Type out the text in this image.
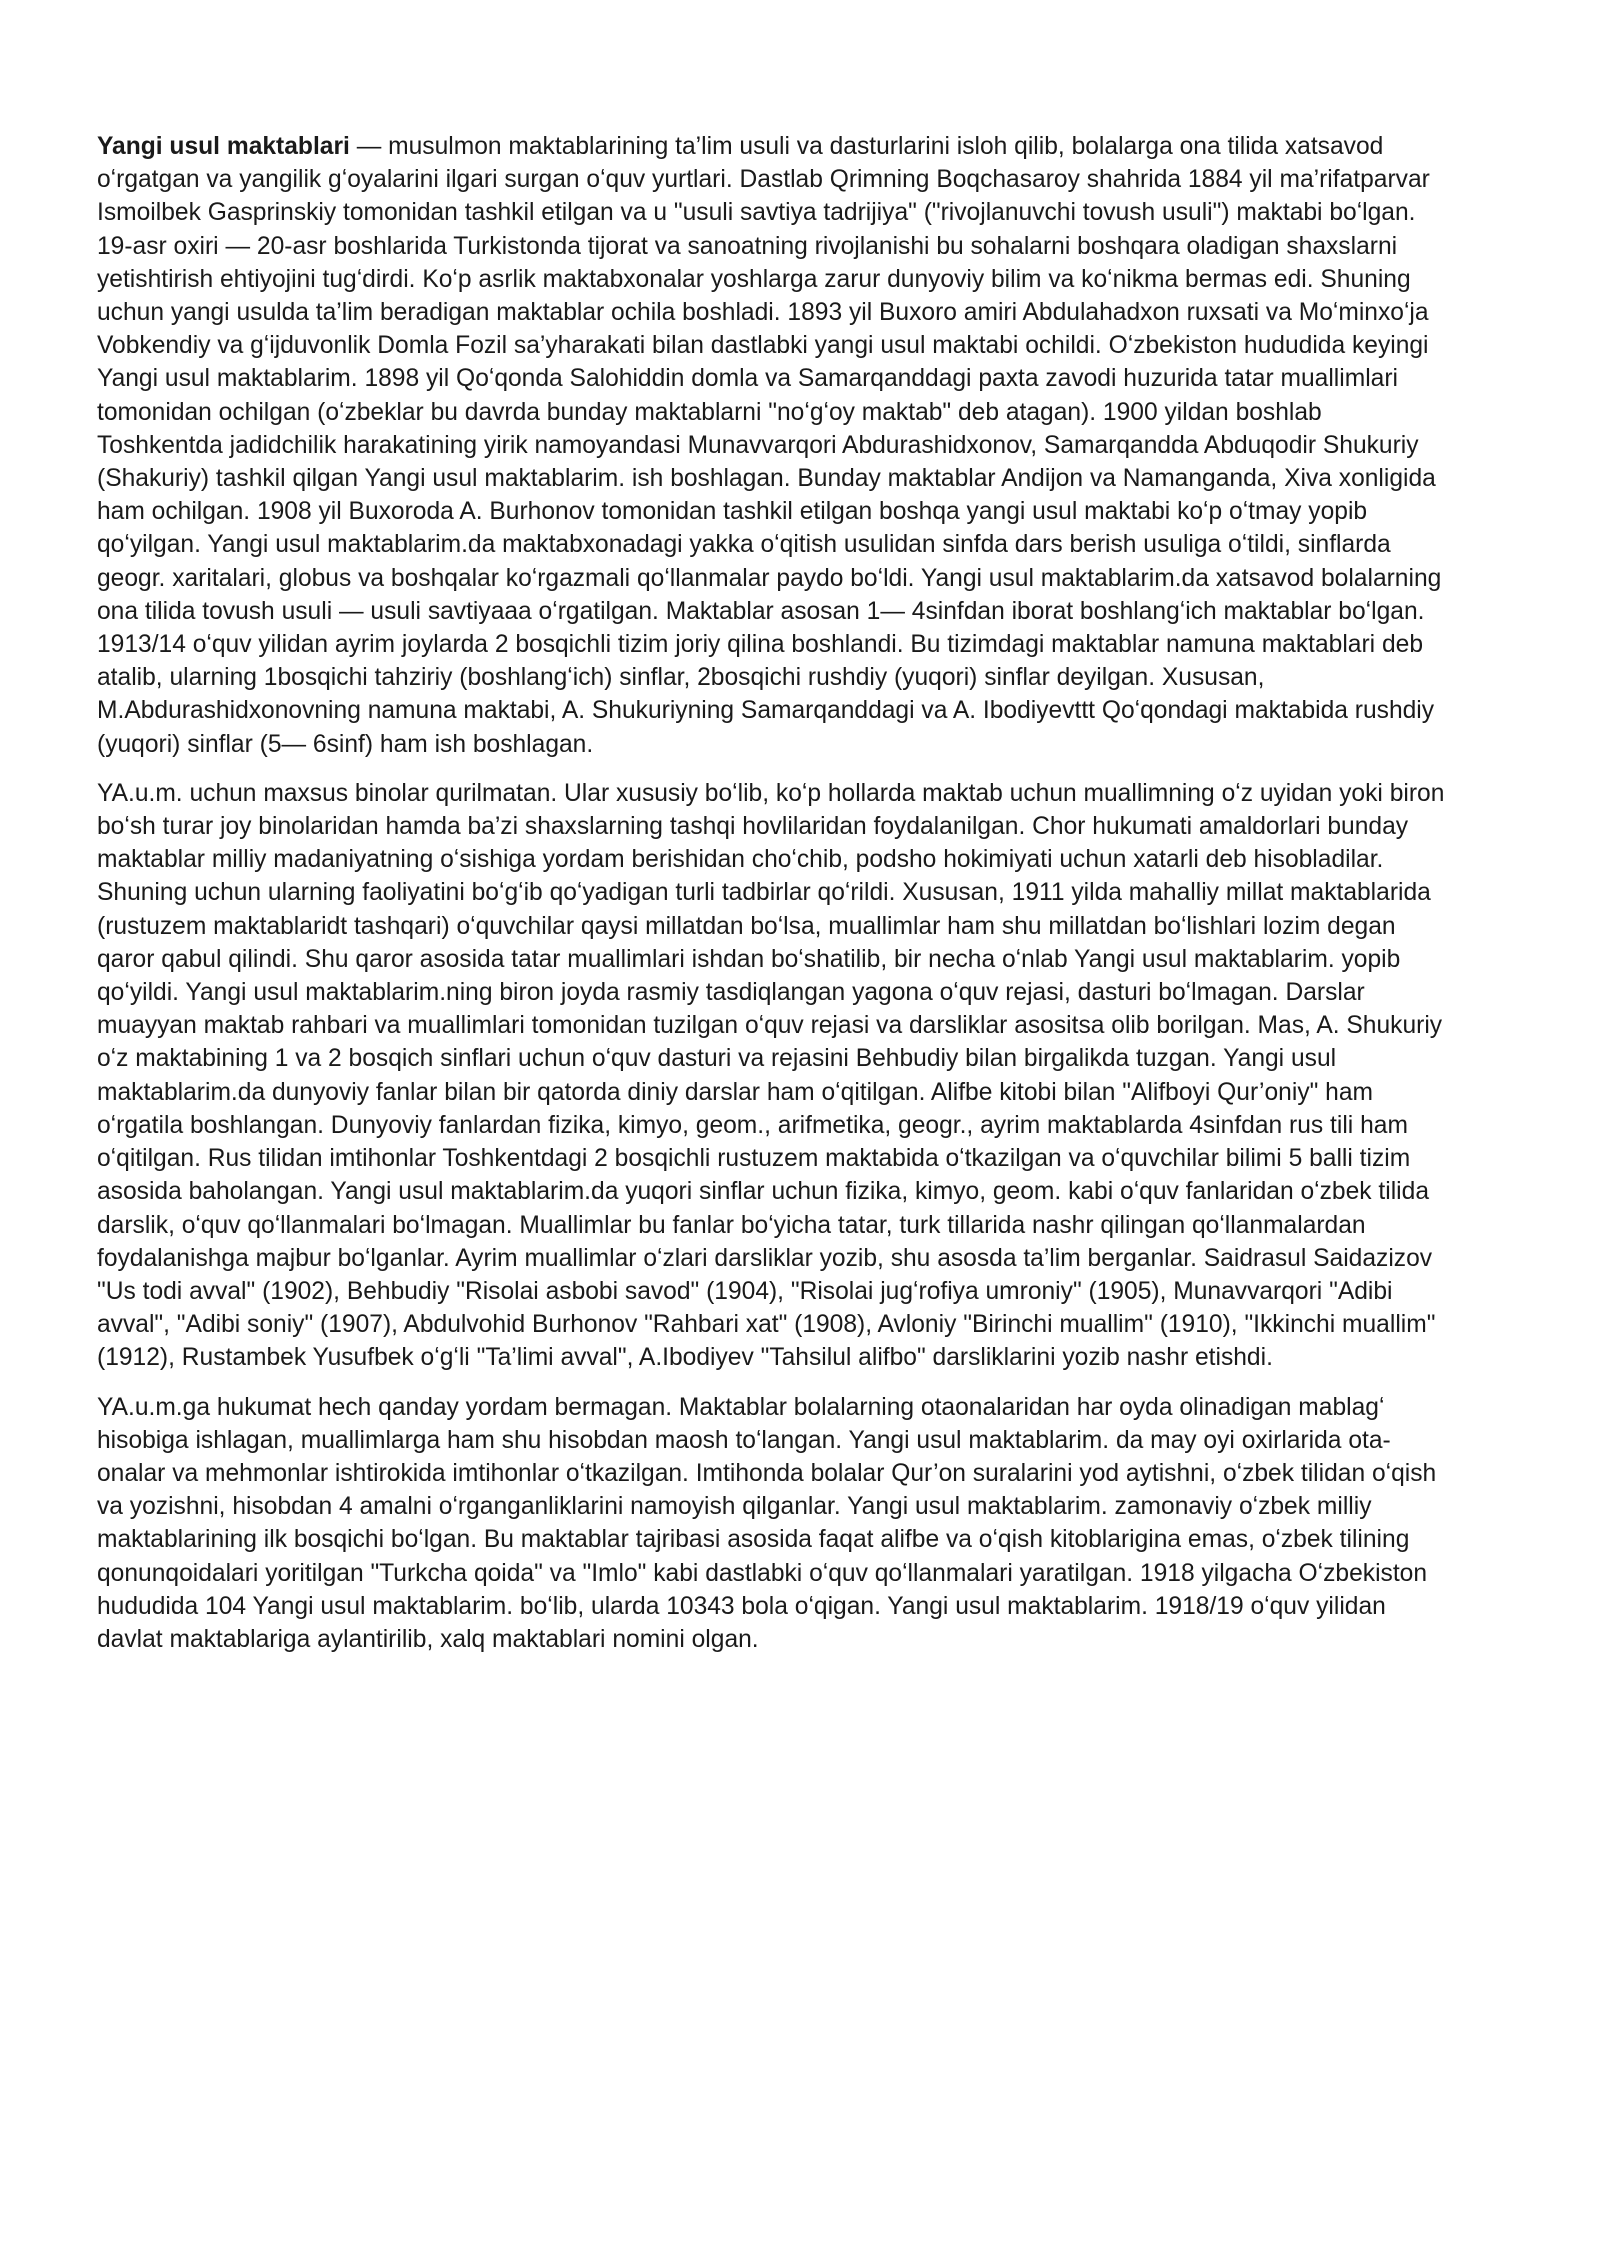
Yangi usul maktablari — musulmon maktablarining ta’lim usuli va dasturlarini isloh qilib, bolalarga ona tilida xatsavod oʻrgatgan va yangilik gʻoyalarini ilgari surgan oʻquv yurtlari. Dastlab Qrimning Boqchasaroy shahrida 1884 yil ma’rifatparvar Ismoilbek Gasprinskiy tomonidan tashkil etilgan va u "usuli savtiya tadrijiya" ("rivojlanuvchi tovush usuli") maktabi boʻlgan. 19-asr oxiri — 20-asr boshlarida Turkistonda tijorat va sanoatning rivojlanishi bu sohalarni boshqara oladigan shaxslarni yetishtirish ehtiyojini tugʻdirdi. Koʻp asrlik maktabxonalar yoshlarga zarur dunyoviy bilim va koʻnikma bermas edi. Shuning uchun yangi usulda ta’lim beradigan maktablar ochila boshladi. 1893 yil Buxoro amiri Abdulahadxon ruxsati va Moʻminxoʻja Vobkendiy va gʻijduvonlik Domla Fozil sa’yharakati bilan dastlabki yangi usul maktabi ochildi. Oʻzbekiston hududida keyingi Yangi usul maktablarim. 1898 yil Qoʻqonda Salohiddin domla va Samarqanddagi paxta zavodi huzurida tatar muallimlari tomonidan ochilgan (oʻzbeklar bu davrda bunday maktablarni "noʻgʻoy maktab" deb atagan). 1900 yildan boshlab Toshkentda jadidchilik harakatining yirik namoyandasi Munavvarqori Abdurashidxonov, Samarqandda Abduqodir Shukuriy (Shakuriy) tashkil qilgan Yangi usul maktablarim. ish boshlagan. Bunday maktablar Andijon va Namanganda, Xiva xonligida ham ochilgan. 1908 yil Buxoroda A. Burhonov tomonidan tashkil etilgan boshqa yangi usul maktabi koʻp oʻtmay yopib qoʻyilgan. Yangi usul maktablarim.da maktabxonadagi yakka oʻqitish usulidan sinfda dars berish usuliga oʻtildi, sinflarda geogr. xaritalari, globus va boshqalar koʻrgazmali qoʻllanmalar paydo boʻldi. Yangi usul maktablarim.da xatsavod bolalarning ona tilida tovush usuli — usuli savtiyaaa oʻrgatilgan. Maktablar asosan 1— 4sinfdan iborat boshlangʻich maktablar boʻlgan. 1913/14 oʻquv yilidan ayrim joylarda 2 bosqichli tizim joriy qilina boshlandi. Bu tizimdagi maktablar namuna maktablari deb atalib, ularning 1bosqichi tahziriy (boshlangʻich) sinflar, 2bosqichi rushdiy (yuqori) sinflar deyilgan. Xususan, M.Abdurashidxonovning namuna maktabi, A. Shukuriyning Samarqanddagi va A. Ibodiyevttt Qoʻqondagi maktabida rushdiy (yuqori) sinflar (5— 6sinf) ham ish boshlagan.

YA.u.m. uchun maxsus binolar qurilmatan. Ular xususiy boʻlib, koʻp hollarda maktab uchun muallimning oʻz uyidan yoki biron boʻsh turar joy binolaridan hamda ba’zi shaxslarning tashqi hovlilaridan foydalanilgan. Chor hukumati amaldorlari bunday maktablar milliy madaniyatning oʻsishiga yordam berishidan choʻchib, podsho hokimiyati uchun xatarli deb hisobladilar. Shuning uchun ularning faoliyatini boʻgʻib qoʻyadigan turli tadbirlar qoʻrildi. Xususan, 1911 yilda mahalliy millat maktablarida (rustuzem maktablaridt tashqari) oʻquvchilar qaysi millatdan boʻlsa, muallimlar ham shu millatdan boʻlishlari lozim degan qaror qabul qilindi. Shu qaror asosida tatar muallimlari ishdan boʻshatilib, bir necha oʻnlab Yangi usul maktablarim. yopib qoʻyildi. Yangi usul maktablarim.ning biron joyda rasmiy tasdiqlangan yagona oʻquv rejasi, dasturi boʻlmagan. Darslar muayyan maktab rahbari va muallimlari tomonidan tuzilgan oʻquv rejasi va darsliklar asositsa olib borilgan. Mas, A. Shukuriy oʻz maktabining 1 va 2 bosqich sinflari uchun oʻquv dasturi va rejasini Behbudiy bilan birgalikda tuzgan. Yangi usul maktablarim.da dunyoviy fanlar bilan bir qatorda diniy darslar ham oʻqitilgan. Alifbe kitobi bilan "Alifboyi Qur’oniy" ham oʻrgatila boshlangan. Dunyoviy fanlardan fizika, kimyo, geom., arifmetika, geogr., ayrim maktablarda 4sinfdan rus tili ham oʻqitilgan. Rus tilidan imtihonlar Toshkentdagi 2 bosqichli rustuzem maktabida oʻtkazilgan va oʻquvchilar bilimi 5 balli tizim asosida baholangan. Yangi usul maktablarim.da yuqori sinflar uchun fizika, kimyo, geom. kabi oʻquv fanlaridan oʻzbek tilida darslik, oʻquv qoʻllanmalari boʻlmagan. Muallimlar bu fanlar boʻyicha tatar, turk tillarida nashr qilingan qoʻllanmalardan foydalanishga majbur boʻlganlar. Ayrim muallimlar oʻzlari darsliklar yozib, shu asosda ta’lim berganlar. Saidrasul Saidazizov "Us todi avval" (1902), Behbudiy "Risolai asbobi savod" (1904), "Risolai jugʻrofiya umroniy" (1905), Munavvarqori "Adibi avval", "Adibi soniy" (1907), Abdulvohid Burhonov "Rahbari xat" (1908), Avloniy "Birinchi muallim" (1910), "Ikkinchi muallim" (1912), Rustambek Yusufbek oʻgʻli "Ta’limi avval", A.Ibodiyev "Tahsilul alifbo" darsliklarini yozib nashr etishdi.

YA.u.m.ga hukumat hech qanday yordam bermagan. Maktablar bolalarning otaonalaridan har oyda olinadigan mablagʻ hisobiga ishlagan, muallimlarga ham shu hisobdan maosh toʻlangan. Yangi usul maktablarim. da may oyi oxirlarida ota-onalar va mehmonlar ishtirokida imtihonlar oʻtkazilgan. Imtihonda bolalar Qur’on suralarini yod aytishni, oʻzbek tilidan oʻqish va yozishni, hisobdan 4 amalni oʻrganganliklarini namoyish qilganlar. Yangi usul maktablarim. zamonaviy oʻzbek milliy maktablarining ilk bosqichi boʻlgan. Bu maktablar tajribasi asosida faqat alifbe va oʻqish kitoblarigina emas, oʻzbek tilining qonunqoidalari yoritilgan "Turkcha qoida" va "Imlo" kabi dastlabki oʻquv qoʻllanmalari yaratilgan. 1918 yilgacha Oʻzbekiston hududida 104 Yangi usul maktablarim. boʻlib, ularda 10343 bola oʻqigan. Yangi usul maktablarim. 1918/19 oʻquv yilidan davlat maktablariga aylantirilib, xalq maktablari nomini olgan.
